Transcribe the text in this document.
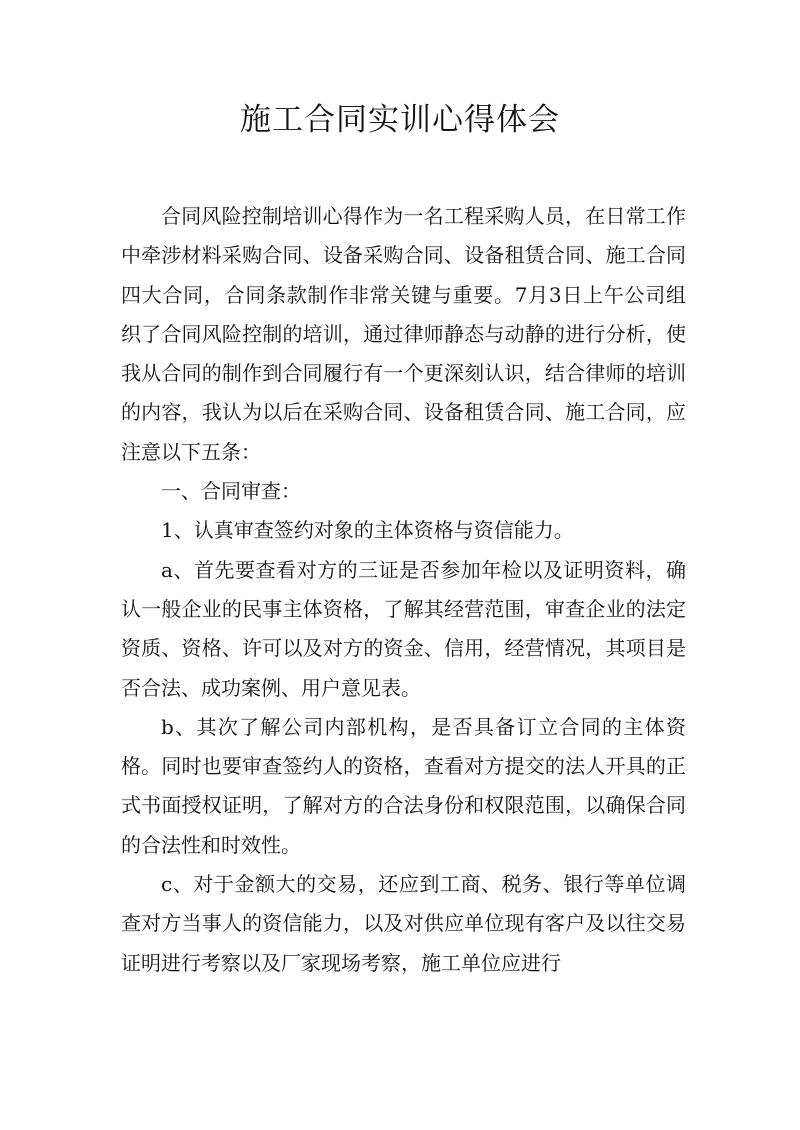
施工合同实训心得体会

合同风险控制培训心得作为一名工程采购人员，在日常工作中牵涉材料采购合同、设备采购合同、设备租赁合同、施工合同四大合同，合同条款制作非常关键与重要。7月3日上午公司组织了合同风险控制的培训，通过律师静态与动静的进行分析，使我从合同的制作到合同履行有一个更深刻认识，结合律师的培训的内容，我认为以后在采购合同、设备租赁合同、施工合同，应注意以下五条：

一、合同审查：

1、认真审查签约对象的主体资格与资信能力。

a、首先要查看对方的三证是否参加年检以及证明资料，确认一般企业的民事主体资格，了解其经营范围，审查企业的法定资质、资格、许可以及对方的资金、信用，经营情况，其项目是否合法、成功案例、用户意见表。

b、其次了解公司内部机构，是否具备订立合同的主体资格。同时也要审查签约人的资格，查看对方提交的法人开具的正式书面授权证明，了解对方的合法身份和权限范围，以确保合同的合法性和时效性。

c、对于金额大的交易，还应到工商、税务、银行等单位调查对方当事人的资信能力，以及对供应单位现有客户及以往交易证明进行考察以及厂家现场考察，施工单位应进行
